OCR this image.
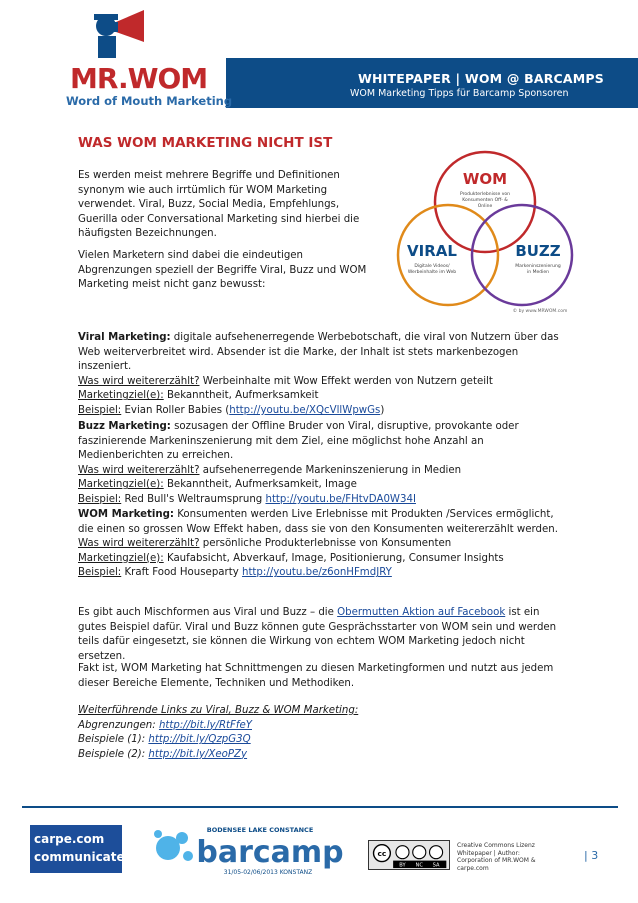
MR.WOM
Word of Mouth Marketing
WHITEPAPER | WOM @ BARCAMPS
WOM Marketing Tipps für Barcamp Sponsoren
WAS WOM MARKETING NICHT IST
Es werden meist mehrere Begriffe und Definitionen synonym wie auch irrtümlich für WOM Marketing verwendet. Viral, Buzz, Social Media, Empfehlungs, Guerilla oder Conversational Marketing sind hierbei die häufigsten Bezeichnungen.
Vielen Marketern sind dabei die eindeutigen Abgrenzungen speziell der Begriffe Viral, Buzz und WOM Marketing meist nicht ganz bewusst:
WOM
Produkterlebnisse von
Konsumenten Off- &
Online
VIRAL
Digitale Videos/
Werbeinhalte im Web
BUZZ
Markeninszenierung
in Medien
© by www.MRWOM.com
Viral Marketing: digitale aufsehenerregende Werbebotschaft, die viral von Nutzern über das Web weiterverbreitet wird. Absender ist die Marke, der Inhalt ist stets markenbezogen inszeniert.
Was wird weitererzählt? Werbeinhalte mit Wow Effekt werden von Nutzern geteilt
Marketingziel(e): Bekanntheit, Aufmerksamkeit
Beispiel: Evian Roller Babies (http://youtu.be/XQcVllWpwGs)
Buzz Marketing: sozusagen der Offline Bruder von Viral, disruptive, provokante oder faszinierende Markeninszenierung mit dem Ziel, eine möglichst hohe Anzahl an Medienberichten zu erreichen.
Was wird weitererzählt? aufsehenerregende Markeninszenierung in Medien
Marketingziel(e): Bekanntheit, Aufmerksamkeit, Image
Beispiel: Red Bull's Weltraumsprung http://youtu.be/FHtvDA0W34I
WOM Marketing: Konsumenten werden Live Erlebnisse mit Produkten /Services ermöglicht, die einen so grossen Wow Effekt haben, dass sie von den Konsumenten weitererzählt werden.
Was wird weitererzählt? persönliche Produkterlebnisse von Konsumenten
Marketingziel(e): Kaufabsicht, Abverkauf, Image, Positionierung, Consumer Insights
Beispiel: Kraft Food Houseparty http://youtu.be/z6onHFmdJRY
Es gibt auch Mischformen aus Viral und Buzz – die Obermutten Aktion auf Facebook ist ein gutes Beispiel dafür. Viral und Buzz können gute Gesprächsstarter von WOM sein und werden teils dafür eingesetzt, sie können die Wirkung von echtem WOM Marketing jedoch nicht ersetzen.
Fakt ist, WOM Marketing hat Schnittmengen zu diesen Marketingformen und nutzt aus jedem dieser Bereiche Elemente, Techniken und Methodiken.
Weiterführende Links zu Viral, Buzz & WOM Marketing:
Abgrenzungen: http://bit.ly/RtFfeY
Beispiele (1): http://bit.ly/QzpG3Q
Beispiele (2): http://bit.ly/XeoPZy
carpe.com
communicate!
BODENSEE LAKE CONSTANCE
barcamp
31/05-02/06/2013 KONSTANZ
cc
BY NC SA
Creative Commons Lizenz Whitepaper | Author: Corporation of MR.WOM & carpe.com
| 3
